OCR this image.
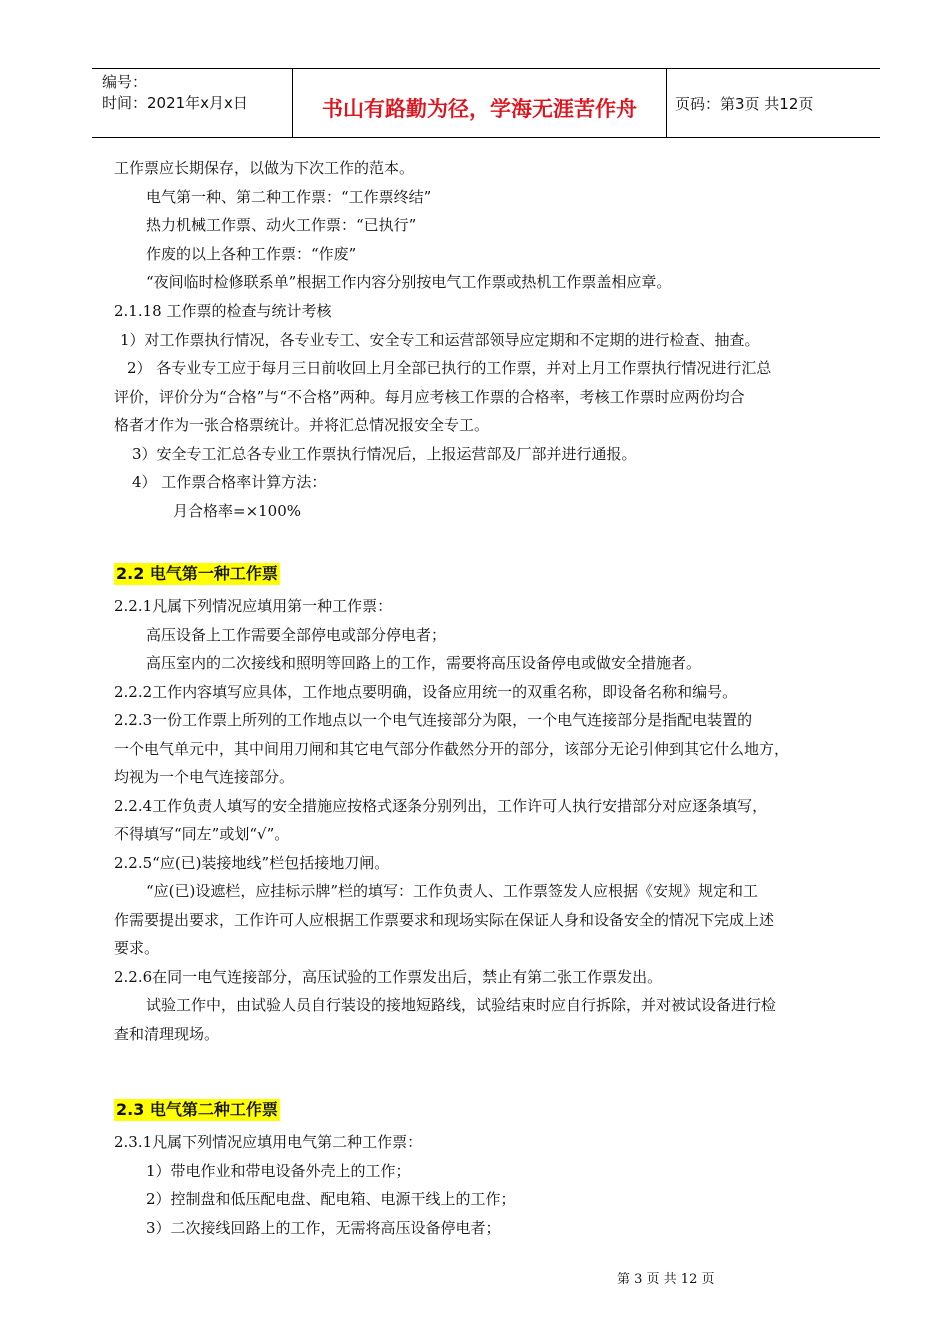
编号：
时间：2021年x月x日	书山有路勤为径，学海无涯苦作舟	页码：第3页 共12页
工作票应长期保存，以做为下次工作的范本。
电气第一种、第二种工作票：“工作票终结”
热力机械工作票、动火工作票：“已执行”
作废的以上各种工作票：“作废”
“夜间临时检修联系单”根据工作内容分别按电气工作票或热机工作票盖相应章。
2.1.18 工作票的检查与统计考核
1）对工作票执行情况，各专业专工、安全专工和运营部领导应定期和不定期的进行检查、抽查。
2） 各专业专工应于每月三日前收回上月全部已执行的工作票，并对上月工作票执行情况进行汇总
评价，评价分为“合格”与“不合格”两种。每月应考核工作票的合格率，考核工作票时应两份均合
格者才作为一张合格票统计。并将汇总情况报安全专工。
3）安全专工汇总各专业工作票执行情况后，上报运营部及厂部并进行通报。
4） 工作票合格率计算方法：
月合格率=×100%
2.2 电气第一种工作票
2.2.1凡属下列情况应填用第一种工作票：
高压设备上工作需要全部停电或部分停电者；
高压室内的二次接线和照明等回路上的工作，需要将高压设备停电或做安全措施者。
2.2.2工作内容填写应具体，工作地点要明确，设备应用统一的双重名称，即设备名称和编号。
2.2.3一份工作票上所列的工作地点以一个电气连接部分为限，一个电气连接部分是指配电装置的
一个电气单元中，其中间用刀闸和其它电气部分作截然分开的部分，该部分无论引伸到其它什么地方，
均视为一个电气连接部分。
2.2.4工作负责人填写的安全措施应按格式逐条分别列出，工作许可人执行安措部分对应逐条填写，
不得填写“同左”或划“√”。
2.2.5“应(已)装接地线”栏包括接地刀闸。
“应(已)设遮栏，应挂标示牌”栏的填写：工作负责人、工作票签发人应根据《安规》规定和工
作需要提出要求，工作许可人应根据工作票要求和现场实际在保证人身和设备安全的情况下完成上述
要求。
2.2.6在同一电气连接部分，高压试验的工作票发出后，禁止有第二张工作票发出。
试验工作中，由试验人员自行装设的接地短路线，试验结束时应自行拆除，并对被试设备进行检
查和清理现场。
2.3 电气第二种工作票
2.3.1凡属下列情况应填用电气第二种工作票：
1）带电作业和带电设备外壳上的工作；
2）控制盘和低压配电盘、配电箱、电源干线上的工作；
3）二次接线回路上的工作，无需将高压设备停电者；
第 3 页 共 12 页
